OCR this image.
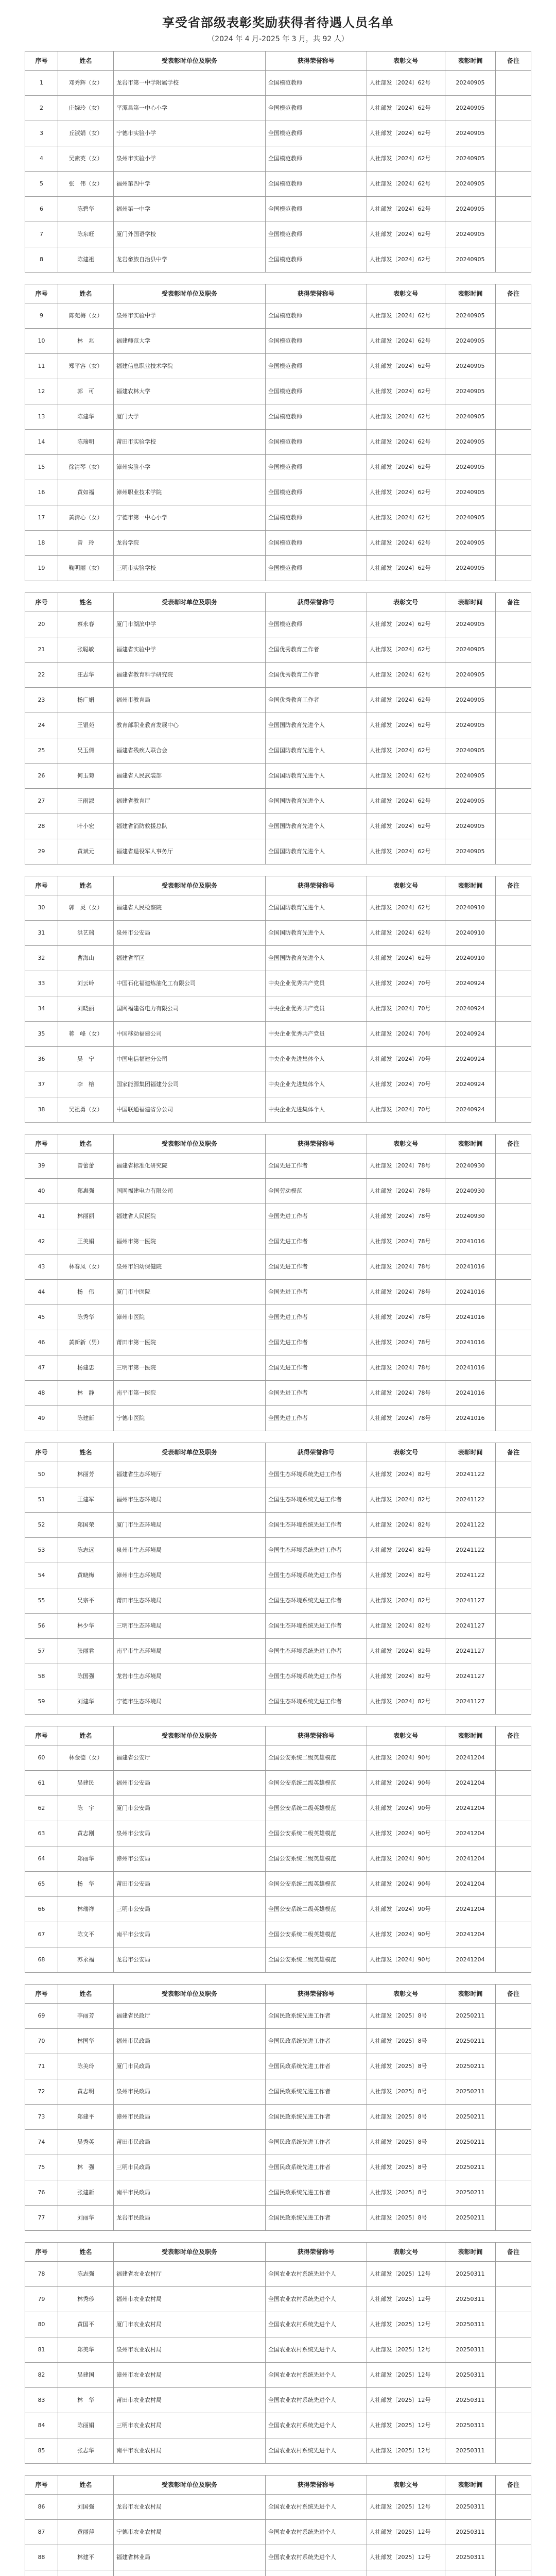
享受省部级表彰奖励获得者待遇人员名单
（2024 年 4 月-2025 年 3 月，共 92 人）
序号	姓名	受表彰时单位及职务	获得荣誉称号	表彰文号	表彰时间	备注
1	邓秀辉（女）	龙岩市第一中学附属学校	全国模范教师	人社部发〔2024〕62号	20240905	
2	庄婉玲（女）	平潭县第一中心小学	全国模范教师	人社部发〔2024〕62号	20240905	
3	丘淑娟（女）	宁德市实验小学	全国模范教师	人社部发〔2024〕62号	20240905	
4	吴素英（女）	泉州市实验小学	全国模范教师	人社部发〔2024〕62号	20240905	
5	张　伟（女）	福州第四中学	全国模范教师	人社部发〔2024〕62号	20240905	
6	陈碧华	福州第一中学	全国模范教师	人社部发〔2024〕62号	20240905	
7	陈东旺	厦门外国语学校	全国模范教师	人社部发〔2024〕62号	20240905	
8	陈建祖	龙岩畲族自治县中学	全国模范教师	人社部发〔2024〕62号	20240905	
序号	姓名	受表彰时单位及职务	获得荣誉称号	表彰文号	表彰时间	备注
9	陈苑梅（女）	泉州市实验中学	全国模范教师	人社部发〔2024〕62号	20240905	
10	林　兆	福建师范大学	全国模范教师	人社部发〔2024〕62号	20240905	
11	郑平容（女）	福建信息职业技术学院	全国模范教师	人社部发〔2024〕62号	20240905	
12	郭　可	福建农林大学	全国模范教师	人社部发〔2024〕62号	20240905	
13	陈建华	厦门大学	全国模范教师	人社部发〔2024〕62号	20240905	
14	陈瑞明	莆田市实验学校	全国模范教师	人社部发〔2024〕62号	20240905	
15	徐清琴（女）	漳州实验小学	全国模范教师	人社部发〔2024〕62号	20240905	
16	黄如福	漳州职业技术学院	全国模范教师	人社部发〔2024〕62号	20240905	
17	黄清心（女）	宁德市第一中心小学	全国模范教师	人社部发〔2024〕62号	20240905	
18	曾　玲	龙岩学院	全国模范教师	人社部发〔2024〕62号	20240905	
19	鞠明丽（女）	三明市实验学校	全国模范教师	人社部发〔2024〕62号	20240905	
序号	姓名	受表彰时单位及职务	获得荣誉称号	表彰文号	表彰时间	备注
20	蔡永春	厦门市湖滨中学	全国模范教师	人社部发〔2024〕62号	20240905	
21	张聪敏	福建省实验中学	全国优秀教育工作者	人社部发〔2024〕62号	20240905	
22	汪志华	福建省教育科学研究院	全国优秀教育工作者	人社部发〔2024〕62号	20240905	
23	杨广娟	福州市教育局	全国优秀教育工作者	人社部发〔2024〕62号	20240905	
24	王银苑	教育部职业教育发展中心	全国国防教育先进个人	人社部发〔2024〕62号	20240905	
25	吴玉倩	福建省残疾人联合会	全国国防教育先进个人	人社部发〔2024〕62号	20240905	
26	何玉菊	福建省人民武装部	全国国防教育先进个人	人社部发〔2024〕62号	20240905	
27	王雨淑	福建省教育厅	全国国防教育先进个人	人社部发〔2024〕62号	20240905	
28	叶小宏	福建省消防救援总队	全国国防教育先进个人	人社部发〔2024〕62号	20240905	
29	黄斌元	福建省退役军人事务厅	全国国防教育先进个人	人社部发〔2024〕62号	20240905	
序号	姓名	受表彰时单位及职务	获得荣誉称号	表彰文号	表彰时间	备注
30	郭　灵（女）	福建省人民检察院	全国国防教育先进个人	人社部发〔2024〕62号	20240910	
31	洪艺瑞	泉州市公安局	全国国防教育先进个人	人社部发〔2024〕62号	20240910	
32	曹海山	福建省军区	全国国防教育先进个人	人社部发〔2024〕62号	20240910	
33	刘云岭	中国石化福建炼油化工有限公司	中央企业优秀共产党员	人社部发〔2024〕70号	20240924	
34	刘晓丽	国网福建省电力有限公司	中央企业优秀共产党员	人社部发〔2024〕70号	20240924	
35	蒋　峰（女）	中国移动福建公司	中央企业优秀共产党员	人社部发〔2024〕70号	20240924	
36	吴　宁	中国电信福建分公司	中央企业先进集体个人	人社部发〔2024〕70号	20240924	
37	李　榕	国家能源集团福建分公司	中央企业先进集体个人	人社部发〔2024〕70号	20240924	
38	吴祖勇（女）	中国联通福建省分公司	中央企业先进集体个人	人社部发〔2024〕70号	20240924	
序号	姓名	受表彰时单位及职务	获得荣誉称号	表彰文号	表彰时间	备注
39	曾蕾蕾	福建省标准化研究院	全国先进工作者	人社部发〔2024〕78号	20240930	
40	郑惠强	国网福建电力有限公司	全国劳动模范	人社部发〔2024〕78号	20240930	
41	林丽丽	福建省人民医院	全国先进工作者	人社部发〔2024〕78号	20240930	
42	王美娟	福州市第一医院	全国先进工作者	人社部发〔2024〕78号	20241016	
43	林春凤（女）	泉州市妇幼保健院	全国先进工作者	人社部发〔2024〕78号	20241016	
44	杨　伟	厦门市中医院	全国先进工作者	人社部发〔2024〕78号	20241016	
45	陈秀华	漳州市医院	全国先进工作者	人社部发〔2024〕78号	20241016	
46	黄新新（男）	莆田市第一医院	全国先进工作者	人社部发〔2024〕78号	20241016	
47	杨建忠	三明市第一医院	全国先进工作者	人社部发〔2024〕78号	20241016	
48	林　静	南平市第一医院	全国先进工作者	人社部发〔2024〕78号	20241016	
49	陈建新	宁德市医院	全国先进工作者	人社部发〔2024〕78号	20241016	
序号	姓名	受表彰时单位及职务	获得荣誉称号	表彰文号	表彰时间	备注
50	林丽芳	福建省生态环境厅	全国生态环境系统先进工作者	人社部发〔2024〕82号	20241122	
51	王建军	福州市生态环境局	全国生态环境系统先进工作者	人社部发〔2024〕82号	20241122	
52	郑国荣	厦门市生态环境局	全国生态环境系统先进工作者	人社部发〔2024〕82号	20241122	
53	陈志远	泉州市生态环境局	全国生态环境系统先进工作者	人社部发〔2024〕82号	20241122	
54	黄晓梅	漳州市生态环境局	全国生态环境系统先进工作者	人社部发〔2024〕82号	20241122	
55	吴宗平	莆田市生态环境局	全国生态环境系统先进工作者	人社部发〔2024〕82号	20241127	
56	林少华	三明市生态环境局	全国生态环境系统先进工作者	人社部发〔2024〕82号	20241127	
57	张丽君	南平市生态环境局	全国生态环境系统先进工作者	人社部发〔2024〕82号	20241127	
58	陈国强	龙岩市生态环境局	全国生态环境系统先进工作者	人社部发〔2024〕82号	20241127	
59	刘建华	宁德市生态环境局	全国生态环境系统先进工作者	人社部发〔2024〕82号	20241127	
序号	姓名	受表彰时单位及职务	获得荣誉称号	表彰文号	表彰时间	备注
60	林金德（女）	福建省公安厅	全国公安系统二级英雄模范	人社部发〔2024〕90号	20241204	
61	吴建民	福州市公安局	全国公安系统二级英雄模范	人社部发〔2024〕90号	20241204	
62	陈　宇	厦门市公安局	全国公安系统二级英雄模范	人社部发〔2024〕90号	20241204	
63	黄志刚	泉州市公安局	全国公安系统二级英雄模范	人社部发〔2024〕90号	20241204	
64	郑丽华	漳州市公安局	全国公安系统二级英雄模范	人社部发〔2024〕90号	20241204	
65	杨　华	莆田市公安局	全国公安系统二级英雄模范	人社部发〔2024〕90号	20241204	
66	林瑞祥	三明市公安局	全国公安系统二级英雄模范	人社部发〔2024〕90号	20241204	
67	陈文平	南平市公安局	全国公安系统二级英雄模范	人社部发〔2024〕90号	20241204	
68	苏永福	龙岩市公安局	全国公安系统二级英雄模范	人社部发〔2024〕90号	20241204	
序号	姓名	受表彰时单位及职务	获得荣誉称号	表彰文号	表彰时间	备注
69	李丽芳	福建省民政厅	全国民政系统先进工作者	人社部发〔2025〕8号	20250211	
70	林国华	福州市民政局	全国民政系统先进工作者	人社部发〔2025〕8号	20250211	
71	陈美玲	厦门市民政局	全国民政系统先进工作者	人社部发〔2025〕8号	20250211	
72	黄志明	泉州市民政局	全国民政系统先进工作者	人社部发〔2025〕8号	20250211	
73	郑建平	漳州市民政局	全国民政系统先进工作者	人社部发〔2025〕8号	20250211	
74	吴秀英	莆田市民政局	全国民政系统先进工作者	人社部发〔2025〕8号	20250211	
75	林　强	三明市民政局	全国民政系统先进工作者	人社部发〔2025〕8号	20250211	
76	张建新	南平市民政局	全国民政系统先进工作者	人社部发〔2025〕8号	20250211	
77	刘丽华	龙岩市民政局	全国民政系统先进工作者	人社部发〔2025〕8号	20250211	
序号	姓名	受表彰时单位及职务	获得荣誉称号	表彰文号	表彰时间	备注
78	陈志强	福建省农业农村厅	全国农业农村系统先进个人	人社部发〔2025〕12号	20250311	
79	林秀珍	福州市农业农村局	全国农业农村系统先进个人	人社部发〔2025〕12号	20250311	
80	黄国平	厦门市农业农村局	全国农业农村系统先进个人	人社部发〔2025〕12号	20250311	
81	郑美华	泉州市农业农村局	全国农业农村系统先进个人	人社部发〔2025〕12号	20250311	
82	吴建国	漳州市农业农村局	全国农业农村系统先进个人	人社部发〔2025〕12号	20250311	
83	林　华	莆田市农业农村局	全国农业农村系统先进个人	人社部发〔2025〕12号	20250311	
84	陈丽娟	三明市农业农村局	全国农业农村系统先进个人	人社部发〔2025〕12号	20250311	
85	张志华	南平市农业农村局	全国农业农村系统先进个人	人社部发〔2025〕12号	20250311	
序号	姓名	受表彰时单位及职务	获得荣誉称号	表彰文号	表彰时间	备注
86	刘国强	龙岩市农业农村局	全国农业农村系统先进个人	人社部发〔2025〕12号	20250311	
87	黄丽萍	宁德市农业农村局	全国农业农村系统先进个人	人社部发〔2025〕12号	20250311	
88	林建平	福建省林业局	全国农业农村系统先进个人	人社部发〔2025〕12号	20250311	
